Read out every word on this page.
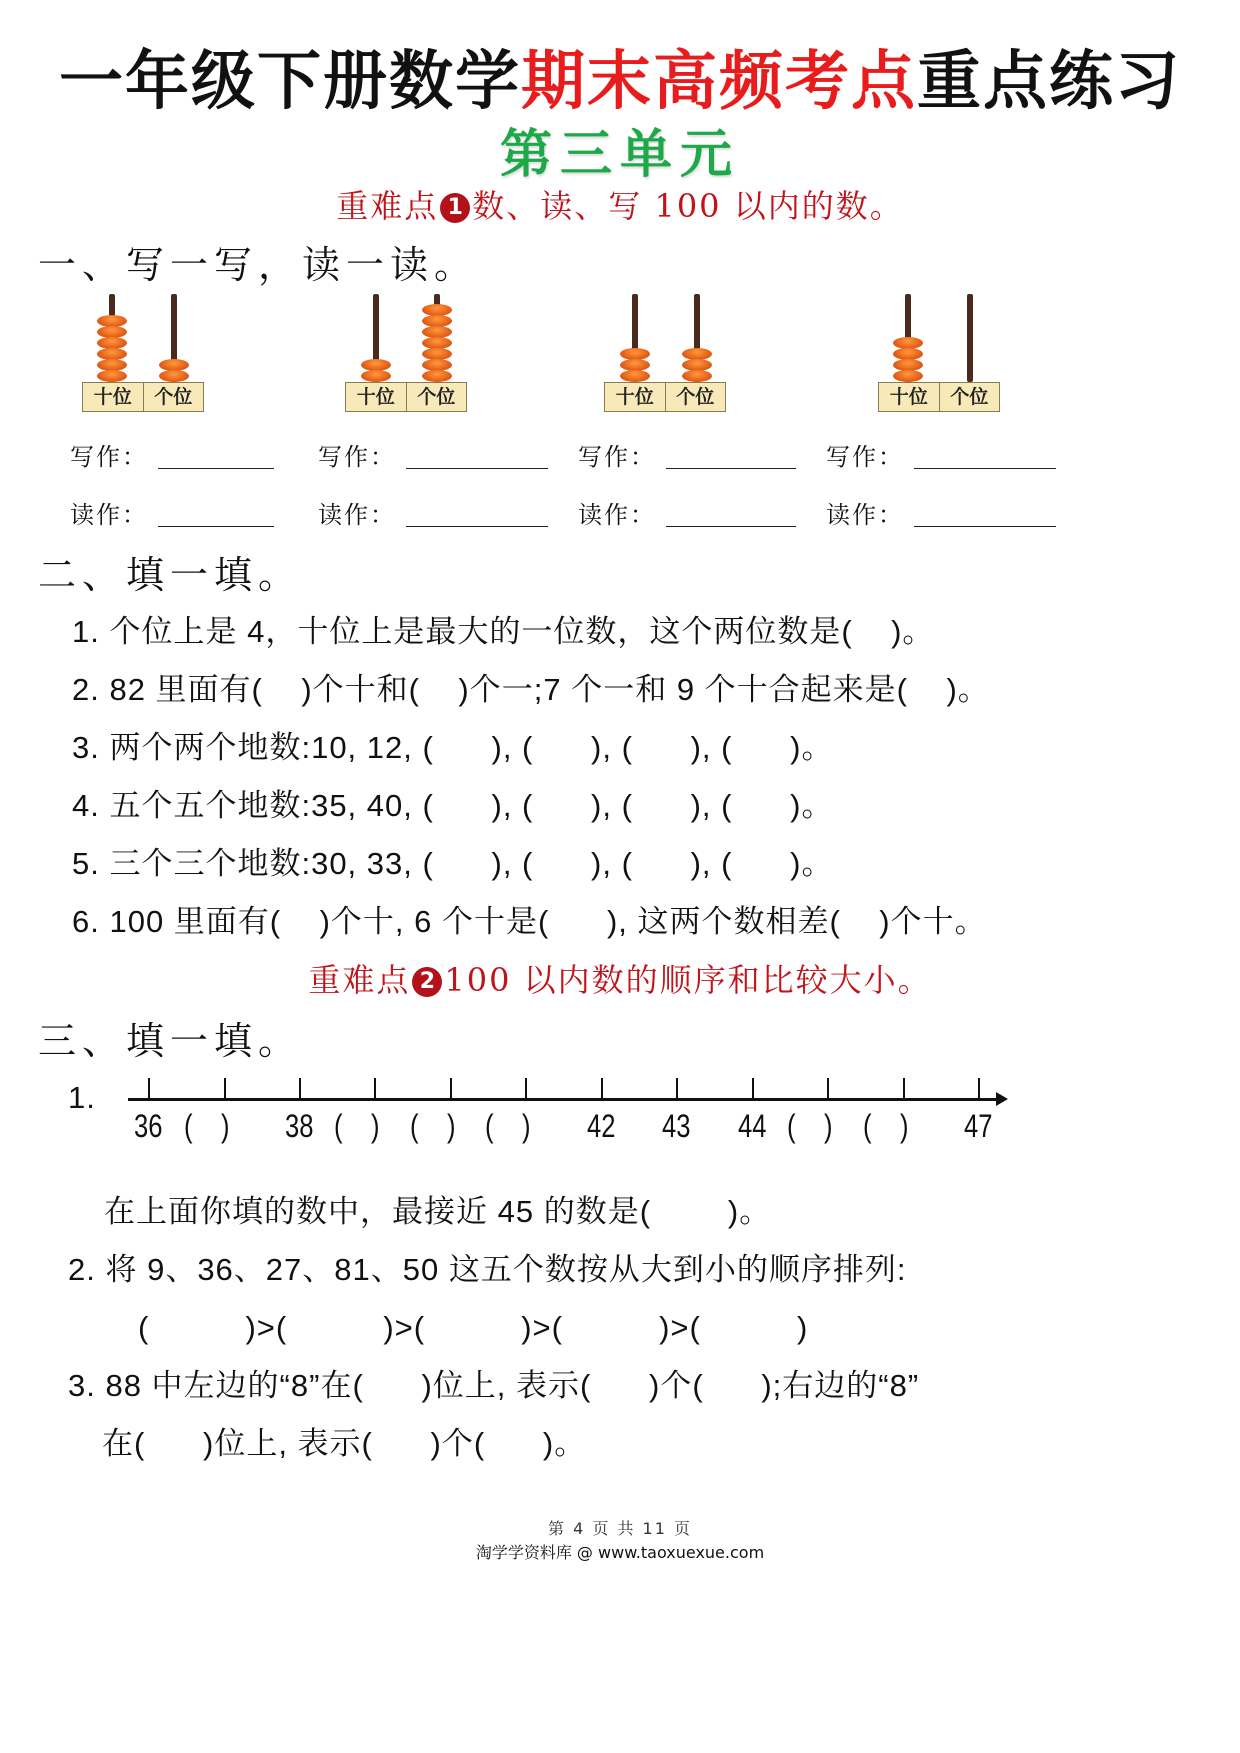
一年级下册数学期末高频考点重点练习
第三单元
重难点 1 数、读、写 100 以内的数。
一、写一写，读一读。
十位	个位	十位	个位	十位	个位	十位	个位
写作：	写作：	写作：	写作：
读作：	读作：	读作：	读作：
二、填一填。
1. 个位上是 4，十位上是最大的一位数，这个两位数是(    )。
2. 82 里面有(    )个十和(    )个一;7 个一和 9 个十合起来是(    )。
3. 两个两个地数:10, 12, (      ), (      ), (      ), (      )。
4. 五个五个地数:35, 40, (      ), (      ), (      ), (      )。
5. 三个三个地数:30, 33, (      ), (      ), (      ), (      )。
6. 100 里面有(    )个十, 6 个十是(      ), 这两个数相差(    )个十。
重难点 2 100 以内数的顺序和比较大小。
三、填一填。
1.
36 (    ) 38 (    ) (    ) (    ) 42 43 44 (    ) (    ) 47
在上面你填的数中，最接近 45 的数是(        )。
2. 将 9、36、27、81、50 这五个数按从大到小的顺序排列:
(          )>(          )>(          )>(          )>(          )
3. 88 中左边的“8”在(      )位上, 表示(      )个(      );右边的“8”
在(      )位上, 表示(      )个(      )。
第 4 页 共 11 页
淘学学资料库 @ www.taoxuexue.com
